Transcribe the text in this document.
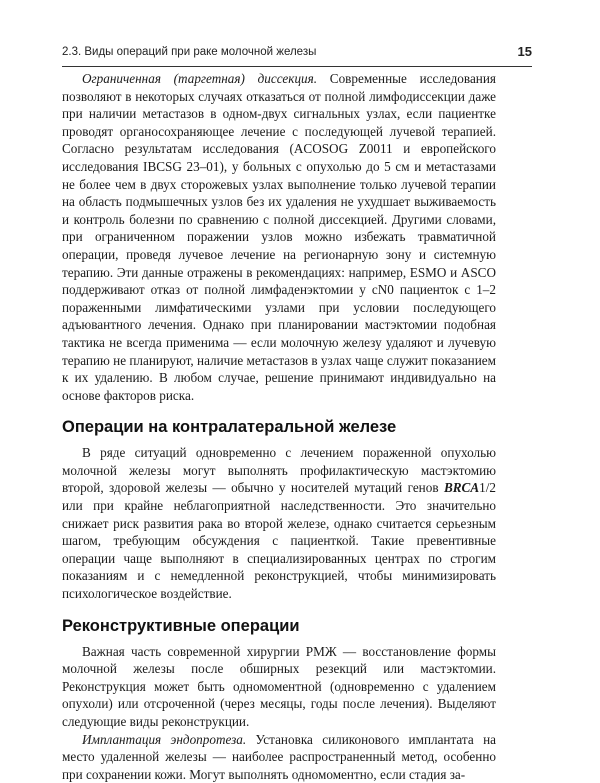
2.3. Виды операций при раке молочной железы	15

Ограниченная (таргетная) диссекция. Современные исследования позволяют в некоторых случаях отказаться от полной лимфодиссекции даже при наличии метастазов в одном-двух сигнальных узлах, если пациентке проводят органосохраняющее лечение с последующей лучевой терапией. Согласно результатам исследования (ACOSOG Z0011 и европейского исследования IBCSG 23–01), у больных с опухолью до 5 см и метастазами не более чем в двух сторожевых узлах выполнение только лучевой терапии на область подмышечных узлов без их удаления не ухудшает выживаемость и контроль болезни по сравнению с полной диссекцией. Другими словами, при ограниченном поражении узлов можно избежать травматичной операции, проведя лучевое лечение на регионарную зону и системную терапию. Эти данные отражены в рекомендациях: например, ESMO и ASCO поддерживают отказ от полной лимфаденэктомии у cN0 пациенток с 1–2 пораженными лимфатическими узлами при условии последующего адъювантного лечения. Однако при планировании мастэктомии подобная тактика не всегда применима — если молочную железу удаляют и лучевую терапию не планируют, наличие метастазов в узлах чаще служит показанием к их удалению. В любом случае, решение принимают индивидуально на основе факторов риска.

Операции на контралатеральной железе

В ряде ситуаций одновременно с лечением пораженной опухолью молочной железы могут выполнять профилактическую мастэктомию второй, здоровой железы — обычно у носителей мутаций генов BRCA1/2 или при крайне неблагоприятной наследственности. Это значительно снижает риск развития рака во второй железе, однако считается серьезным шагом, требующим обсуждения с пациенткой. Такие превентивные операции чаще выполняют в специализированных центрах по строгим показаниям и с немедленной реконструкцией, чтобы минимизировать психологическое воздействие.

Реконструктивные операции

Важная часть современной хирургии РМЖ — восстановление формы молочной железы после обширных резекций или мастэктомии. Реконструкция может быть одномоментной (одновременно с удалением опухоли) или отсроченной (через месяцы, годы после лечения). Выделяют следующие виды реконструкции.

Имплантация эндопротеза. Установка силиконового имплантата на место удаленной железы — наиболее распространенный метод, особенно при сохранении кожи. Могут выполнять одномоментно, если стадия за-
